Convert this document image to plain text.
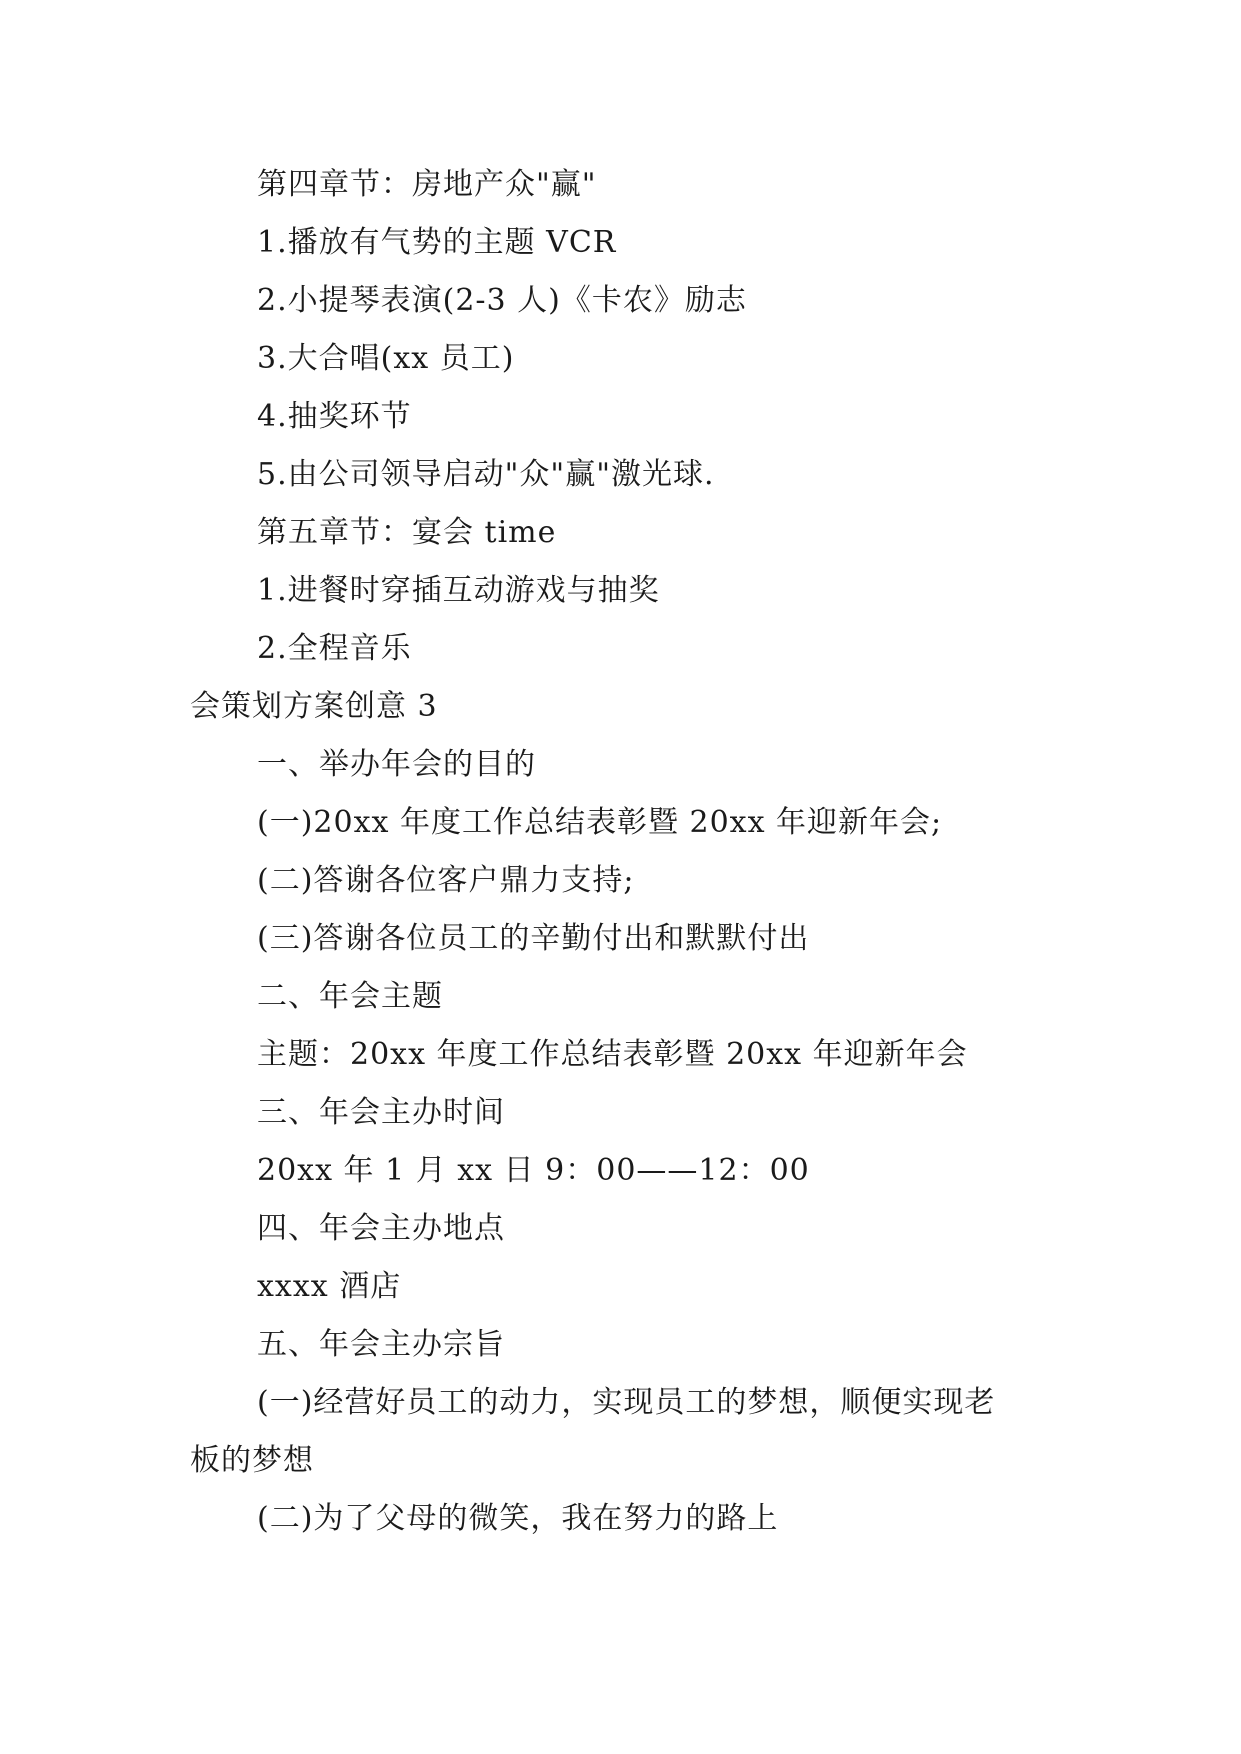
第四章节：房地产众"赢"
1.播放有气势的主题 VCR
2.小提琴表演(2-3 人)《卡农》励志
3.大合唱(xx 员工)
4.抽奖环节
5.由公司领导启动"众"赢"激光球.
第五章节：宴会 time
1.进餐时穿插互动游戏与抽奖
2.全程音乐
会策划方案创意 3
一、举办年会的目的
(一)20xx 年度工作总结表彰暨 20xx 年迎新年会;
(二)答谢各位客户鼎力支持;
(三)答谢各位员工的辛勤付出和默默付出
二、年会主题
主题：20xx 年度工作总结表彰暨 20xx 年迎新年会
三、年会主办时间
20xx 年 1 月 xx 日 9：00——12：00
四、年会主办地点
xxxx 酒店
五、年会主办宗旨
(一)经营好员工的动力，实现员工的梦想，顺便实现老
板的梦想
(二)为了父母的微笑，我在努力的路上
